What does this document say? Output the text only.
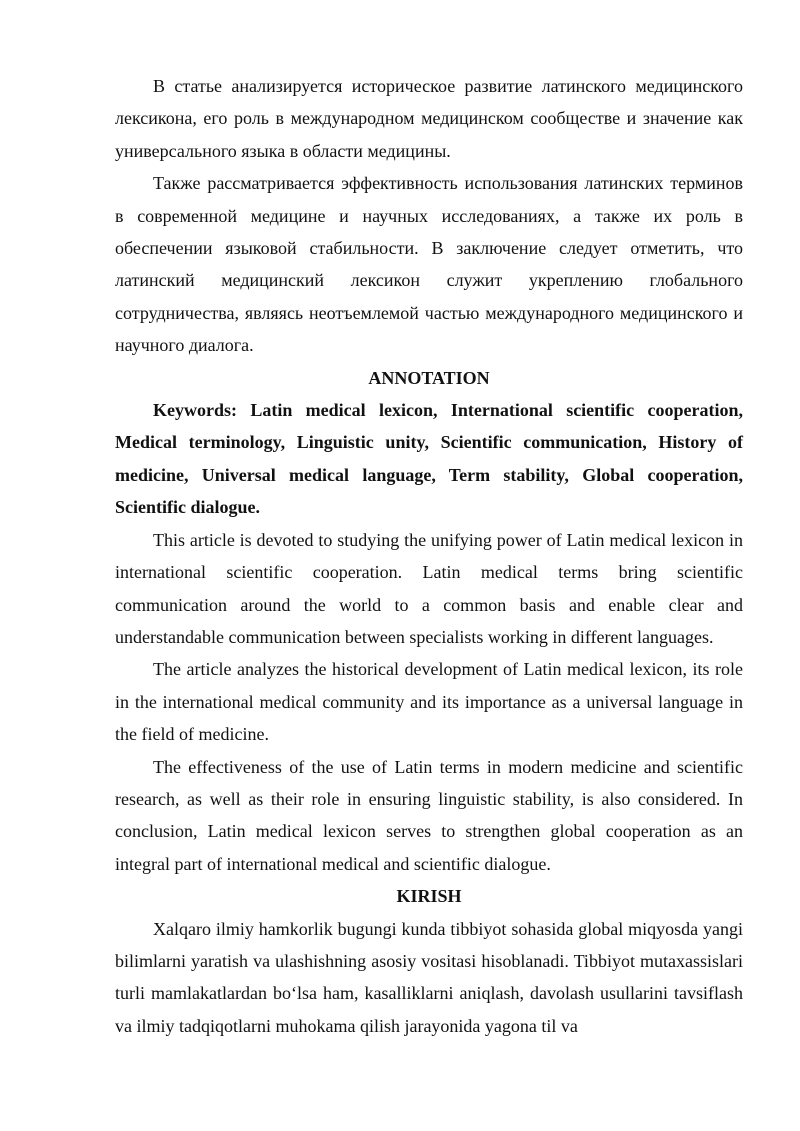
В статье анализируется историческое развитие латинского медицинского лексикона, его роль в международном медицинском сообществе и значение как универсального языка в области медицины.

Также рассматривается эффективность использования латинских терминов в современной медицине и научных исследованиях, а также их роль в обеспечении языковой стабильности. В заключение следует отметить, что латинский медицинский лексикон служит укреплению глобального сотрудничества, являясь неотъемлемой частью международного медицинского и научного диалога.

ANNOTATION

Keywords: Latin medical lexicon, International scientific cooperation, Medical terminology, Linguistic unity, Scientific communication, History of medicine, Universal medical language, Term stability, Global cooperation, Scientific dialogue.

This article is devoted to studying the unifying power of Latin medical lexicon in international scientific cooperation. Latin medical terms bring scientific communication around the world to a common basis and enable clear and understandable communication between specialists working in different languages.

The article analyzes the historical development of Latin medical lexicon, its role in the international medical community and its importance as a universal language in the field of medicine.

The effectiveness of the use of Latin terms in modern medicine and scientific research, as well as their role in ensuring linguistic stability, is also considered. In conclusion, Latin medical lexicon serves to strengthen global cooperation as an integral part of international medical and scientific dialogue.

KIRISH

Xalqaro ilmiy hamkorlik bugungi kunda tibbiyot sohasida global miqyosda yangi bilimlarni yaratish va ulashishning asosiy vositasi hisoblanadi. Tibbiyot mutaxassislari turli mamlakatlardan bo‘lsa ham, kasalliklarni aniqlash, davolash usullarini tavsiflash va ilmiy tadqiqotlarni muhokama qilish jarayonida yagona til va
